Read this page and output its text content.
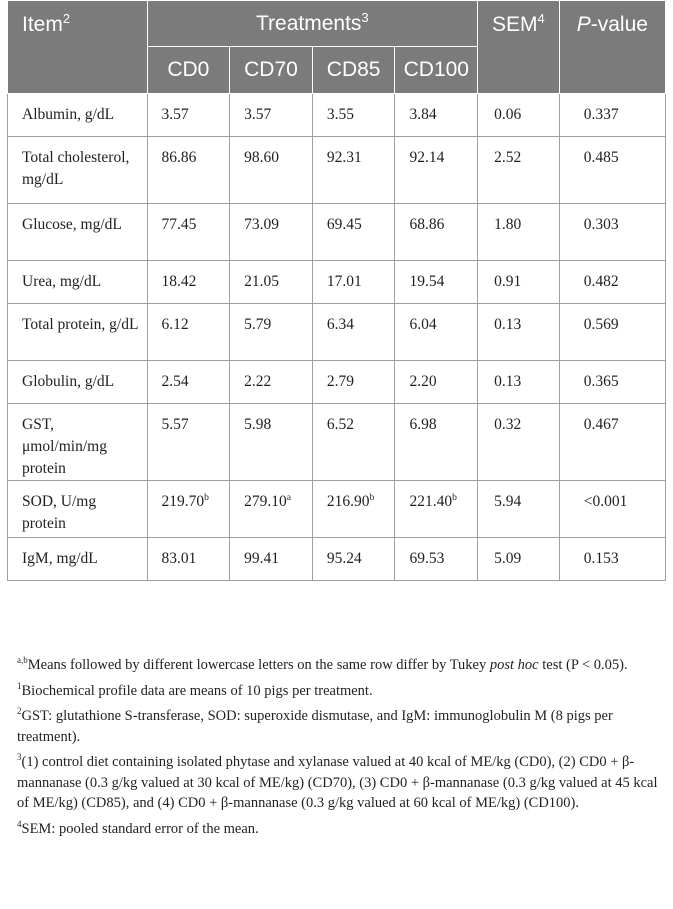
Item$^2$	Treatments$^3$				SEM$^4$	P-value
	CD0	CD70	CD85	CD100		
Albumin, g/dL	3.57	3.57	3.55	3.84	0.06	0.337
Total cholesterol, mg/dL	86.86	98.60	92.31	92.14	2.52	0.485
Glucose, mg/dL	77.45	73.09	69.45	68.86	1.80	0.303
Urea, mg/dL	18.42	21.05	17.01	19.54	0.91	0.482
Total protein, g/dL	6.12	5.79	6.34	6.04	0.13	0.569
Globulin, g/dL	2.54	2.22	2.79	2.20	0.13	0.365
GST, μmol/min/mg protein	5.57	5.98	6.52	6.98	0.32	0.467
SOD, U/mg protein	219.70$^b$	279.10$^a$	216.90$^b$	221.40$^b$	5.94	<0.001
IgM, mg/dL	83.01	99.41	95.24	69.53	5.09	0.153

$^{a,b}$Means followed by different lowercase letters on the same row differ by Tukey post hoc test (P < 0.05).

$^1$Biochemical profile data are means of 10 pigs per treatment.

$^2$GST: glutathione S-transferase, SOD: superoxide dismutase, and IgM: immunoglobulin M (8 pigs per treatment).

$^3$(1) control diet containing isolated phytase and xylanase valued at 40 kcal of ME/kg (CD0), (2) CD0 + β-mannanase (0.3 g/kg valued at 30 kcal of ME/kg) (CD70), (3) CD0 + β-mannanase (0.3 g/kg valued at 45 kcal of ME/kg) (CD85), and (4) CD0 + β-mannanase (0.3 g/kg valued at 60 kcal of ME/kg) (CD100).

$^4$SEM: pooled standard error of the mean.
